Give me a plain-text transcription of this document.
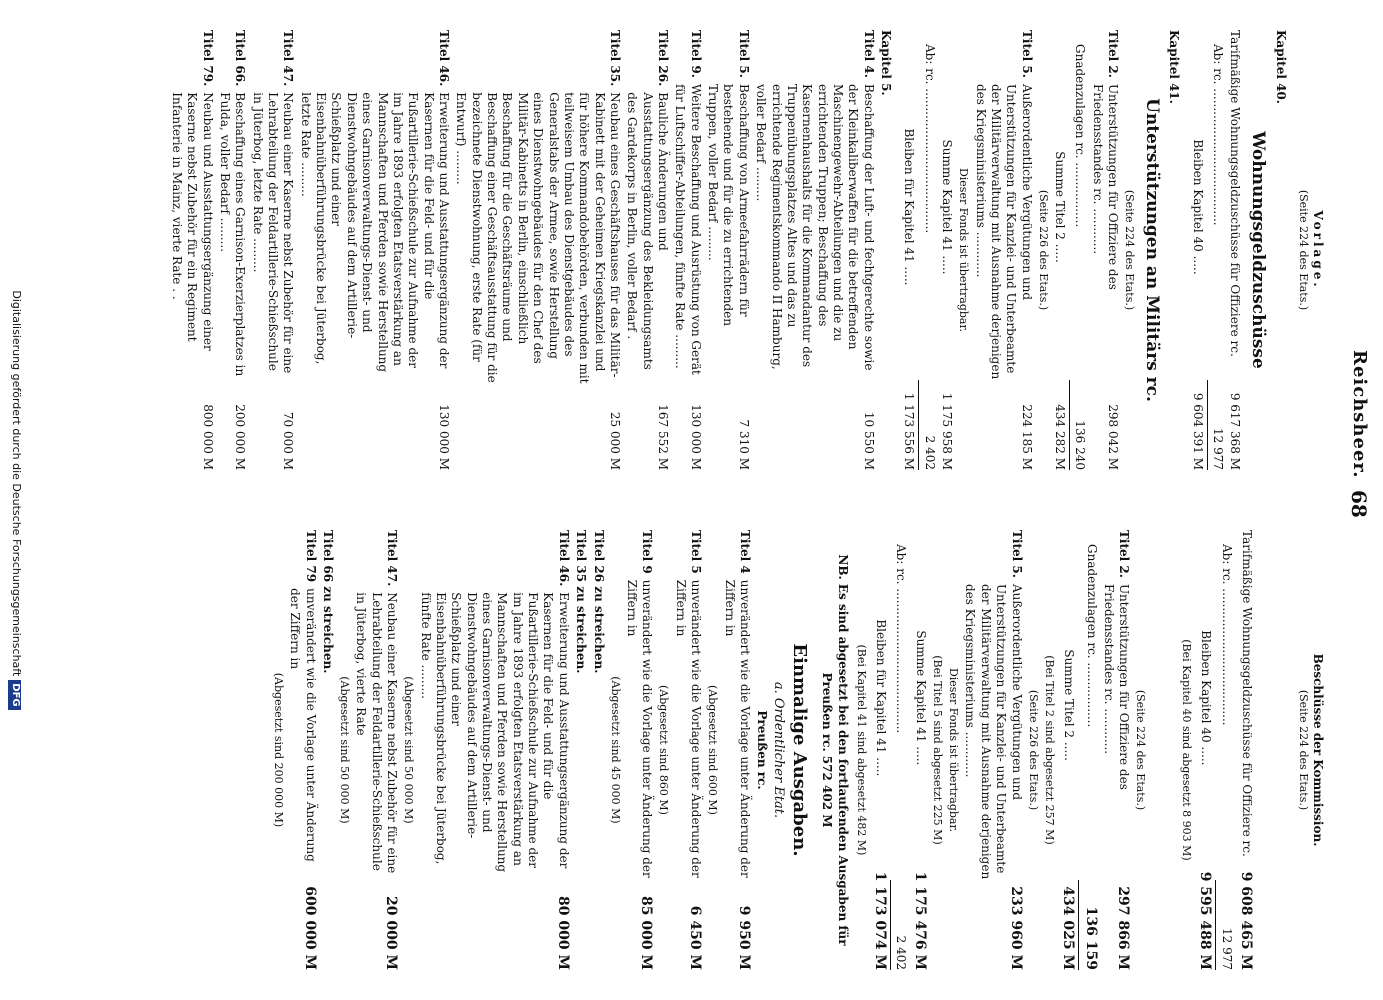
Reichsheer.
68
Vorlage.
(Seite 224 des Etats.)
Kapitel 40.
Wohnungsgeldzuschüsse
Tarifmäßige Wohnungsgeldzuschüsse für Offiziere rc.
9 617 368 M
Ab: rc. ....................................
12 977
Bleiben Kapitel 40 .....
9 604 391 M
Kapitel 41.
Unterstützungen an Militärs rc.
(Seite 224 des Etats.)
Titel 2.
Unterstützungen für Offiziere des Friedensstandes rc. ............
298 042 M
Gnadenzulagen rc. .................
136 240
Summe Titel 2 .....
434 282 M
(Seite 226 des Etats.)
Titel 5.
Außerordentliche Vergütungen und Unterstützungen für Kanzlei- und Unterbeamte der Militärverwaltung mit Ausnahme derjenigen des Kriegsministeriums ............
224 185 M
Dieser Fonds ist übertragbar.
Summe Kapitel 41 .....
1 175 958 M
Ab: rc. ......................................
2 402
Bleiben für Kapitel 41 .....
1 173 556 M
Kapitel 5.
Titel 4.
Beschaffung der Luft- und fechtgerechte sowie der Kleinkaliberwaffen für die betreffenden Maschinengewehr-Abteilungen und die zu errichtenden Truppen; Beschaffung des Kasernenhaushalts für die Kommandantur des Truppenübungsplatzes Altes und das zu errichtende Regimentskommando II Hamburg, voller Bedarf .........
10 550 M
Titel 5.
Beschaffung von Armeefahrrädern für bestehende und für die zu errichtenden Truppen, voller Bedarf .........
7 310 M
Titel 9.
Weitere Beschaffung und Ausrüstung von Gerät für Luftschiffer-Abteilungen, fünfte Rate .........
130 000 M
Titel 26.
Bauliche Änderungen und Ausstattungsergänzung des Bekleidungsamts des Gardekorps in Berlin, voller Bedarf .
167 552 M
Titel 35.
Neubau eines Geschäftshauses für das Militär-Kabinett mit der Geheimen Kriegskanzlei und für höhere Kommandobehörden, verbunden mit teilweisem Umbau des Dienstgebäudes des Generalstabs der Armee, sowie Herstellung eines Dienstwohngebäudes für den Chef des Militär-Kabinetts in Berlin, einschließlich Beschaffung für die Geschäftsräume und Beschaffung einer Geschäftsausstattung für die bezeichnete Dienstwohnung, erste Rate (für Entwurf) .........
25 000 M
Titel 46.
Erweiterung und Ausstattungsergänzung der Kasernen für die Feld- und für die Fußartillerie-Schießschule zur Aufnahme der im Jahre 1893 erfolgten Etatsverstärkung an Mannschaften und Pferden sowie Herstellung eines Garnisonverwaltungs-Dienst- und Dienstwohngebäudes auf dem Artillerie-Schießplatz und einer Eisenbahnüberführungsbrücke bei Jüterbog, letzte Rate .........
130 000 M
Titel 47.
Neubau einer Kaserne nebst Zubehör für eine Lehrabteilung der Feldartillerie-Schießschule in Jüterbog, letzte Rate .........
70 000 M
Titel 66.
Beschaffung eines Garnison-Exerzierplatzes in Fulda, voller Bedarf .........
200 000 M
Titel 79.
Neubau und Ausstattungsergänzung einer Kaserne nebst Zubehör für ein Regiment Infanterie in Mainz, vierte Rate . .
800 000 M
Beschlüsse der Kommission.
(Seite 224 des Etats.)
Tarifmäßige Wohnungsgeldzuschüsse für Offiziere rc.
9 608 465 M
Ab: rc. ....................................
12 977
Bleiben Kapitel 40 .....
9 595 488 M
(Bei Kapitel 40 sind abgesetzt 8 903 M)
(Seite 224 des Etats.)
Titel 2.
Unterstützungen für Offiziere des Friedensstandes rc. ............
297 866 M
Gnadenzulagen rc. .................
136 159
Summe Titel 2 .....
434 025 M
(Bei Titel 2 sind abgesetzt 257 M)
(Seite 226 des Etats.)
Titel 5.
Außerordentliche Vergütungen und Unterstützungen für Kanzlei- und Unterbeamte der Militärverwaltung mit Ausnahme derjenigen des Kriegsministeriums ............
233 960 M
Dieser Fonds ist übertragbar.
(Bei Titel 5 sind abgesetzt 225 M)
Summe Kapitel 41 .....
1 175 476 M
Ab: rc. ......................................
2 402
Bleiben für Kapitel 41 .....
1 173 074 M
(Bei Kapitel 41 sind abgesetzt 482 M)
NB. Es sind abgesetzt bei den fortlaufenden Ausgaben für Preußen rc. 572 402 M
Einmalige Ausgaben.
a. Ordentlicher Etat.
Preußen rc.
Titel 4
unverändert wie die Vorlage unter Änderung der Ziffern in
9 950 M
(Abgesetzt sind 600 M)
Titel 5
unverändert wie die Vorlage unter Änderung der Ziffern in
6 450 M
(Abgesetzt sind 860 M)
Titel 9
unverändert wie die Vorlage unter Änderung der Ziffern in
85 000 M
(Abgesetzt sind 45 000 M)
Titel 26 zu streichen.
Titel 35 zu streichen.
Titel 46.
Erweiterung und Ausstattungsergänzung der Kasernen für die Feld- und für die Fußartillerie-Schießschule zur Aufnahme der im Jahre 1893 erfolgten Etatsverstärkung an Mannschaften und Pferden sowie Herstellung eines Garnisonverwaltungs-Dienst- und Dienstwohngebäudes auf dem Artillerie-Schießplatz und einer Eisenbahnüberführungsbrücke bei Jüterbog, fünfte Rate .........
80 000 M
(Abgesetzt sind 50 000 M)
Titel 47.
Neubau einer Kaserne nebst Zubehör für eine Lehrabteilung der Feldartillerie-Schießschule in Jüterbog, vierte Rate
20 000 M
(Abgesetzt sind 50 000 M)
Titel 66 zu streichen.
Titel 79
unverändert wie die Vorlage unter Änderung der Ziffern in
600 000 M
(Abgesetzt sind 200 000 M)
Digitalisierung gefördert durch die Deutsche ForschungsgemeinschaftDFG
